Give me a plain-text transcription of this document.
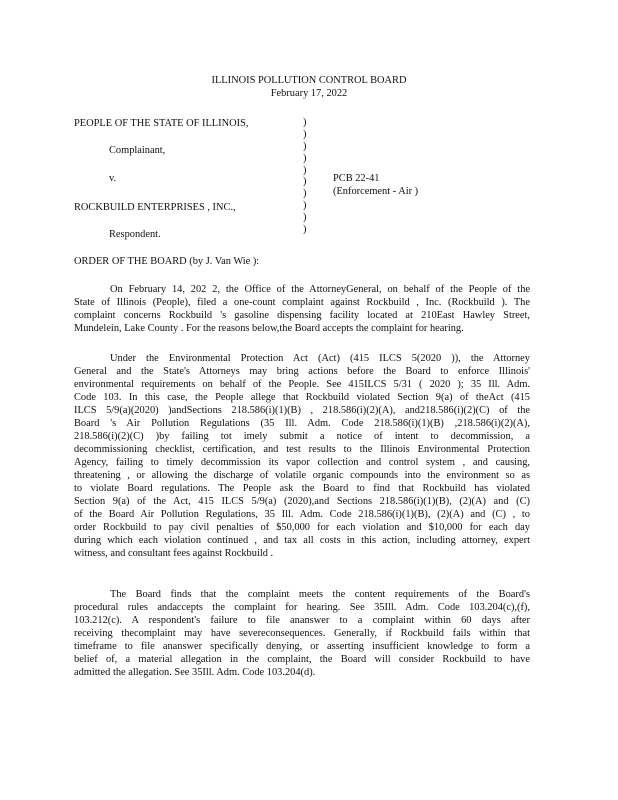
ILLINOIS POLLUTION CONTROL BOARD
February 17, 2022
PEOPLE OF THE STATE OF ILLINOIS,
Complainant,
v.	PCB 22-41
(Enforcement - Air )
ROCKBUILD ENTERPRISES , INC.,
Respondent.
)
)
)
)
)
)
)
)
)
)
ORDER OF THE BOARD (by J. Van Wie ):
On February 14, 202 2, the Office of the AttorneyGeneral, on behalf of the People of the
State of Illinois (People), filed a one-count complaint against Rockbuild , Inc. (Rockbuild ). The
complaint concerns Rockbuild 's gasoline dispensing facility located at 210East Hawley Street,
Mundelein, Lake County . For the reasons below,the Board accepts the complaint for hearing.
Under the Environmental Protection Act (Act) (415 ILCS 5(2020 )), the Attorney
General and the State's Attorneys may bring actions before the Board to enforce Illinois'
environmental requirements on behalf of the People. See 415ILCS 5/31 ( 2020 ); 35 Ill. Adm.
Code 103. In this case, the People allege that Rockbuild violated Section 9(a) of theAct (415
ILCS 5/9(a)(2020) )andSections 218.586(i)(1)(B) , 218.586(i)(2)(A), and218.586(i)(2)(C) of the
Board 's Air Pollution Regulations (35 Ill. Adm. Code 218.586(i)(1)(B) ,218.586(i)(2)(A),
218.586(i)(2)(C) )by failing tot imely submit a notice of intent to decommission, a
decommissioning checklist, certification, and test results to the Illinois Environmental Protection
Agency, failing to timely decommission its vapor collection and control system , and causing,
threatening , or allowing the discharge of volatile organic compounds into the environment so as
to violate Board regulations. The People ask the Board to find that Rockbuild has violated
Section 9(a) of the Act, 415 ILCS 5/9(a) (2020),and Sections 218.586(i)(1)(B), (2)(A) and (C)
of the Board Air Pollution Regulations, 35 Ill. Adm. Code 218.586(i)(1)(B), (2)(A) and (C) , to
order Rockbuild to pay civil penalties of $50,000 for each violation and $10,000 for each day
during which each violation continued , and tax all costs in this action, including attorney, expert
witness, and consultant fees against Rockbuild .
The Board finds that the complaint meets the content requirements of the Board's
procedural rules andaccepts the complaint for hearing. See 35Ill. Adm. Code 103.204(c),(f),
103.212(c). A respondent's failure to file ananswer to a complaint within 60 days after
receiving thecomplaint may have severeconsequences. Generally, if Rockbuild fails within that
timeframe to file ananswer specifically denying, or asserting insufficient knowledge to form a
belief of, a material allegation in the complaint, the Board will consider Rockbuild to have
admitted the allegation. See 35Ill. Adm. Code 103.204(d).
